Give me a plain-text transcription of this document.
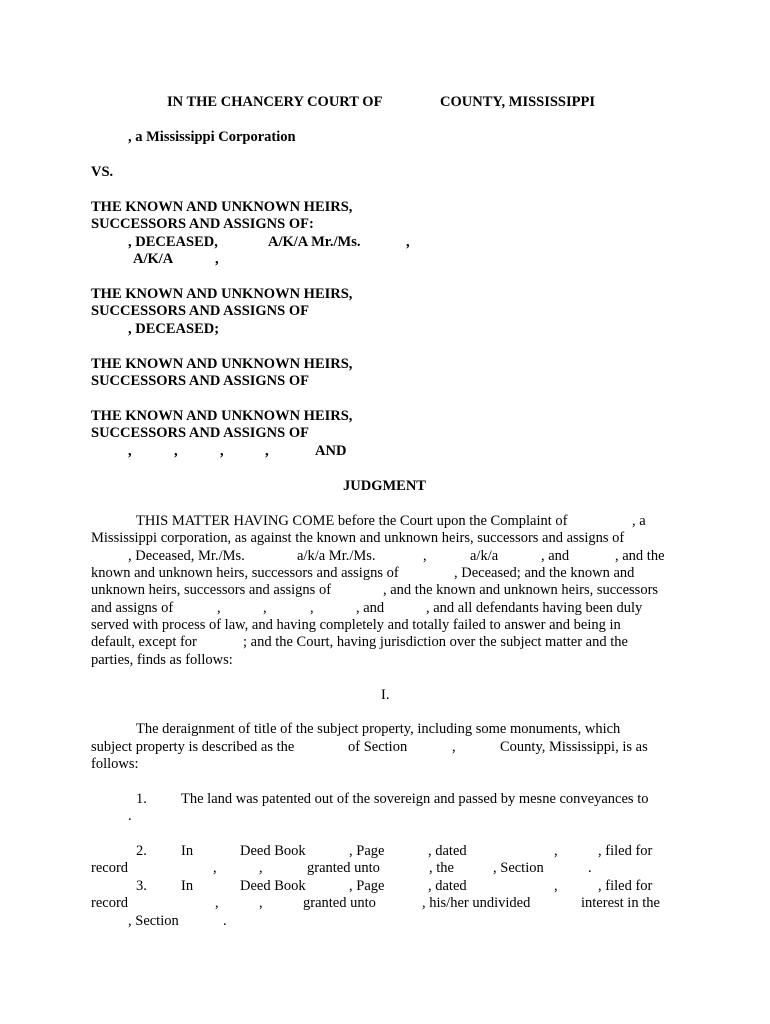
IN THE CHANCERY COURT OF	COUNTY, MISSISSIPPI
, a Mississippi Corporation
VS.
THE KNOWN AND UNKNOWN HEIRS,
SUCCESSORS AND ASSIGNS OF:
, DECEASED,	A/K/A Mr./Ms.	,
A/K/A	,
THE KNOWN AND UNKNOWN HEIRS,
SUCCESSORS AND ASSIGNS OF
, DECEASED;
THE KNOWN AND UNKNOWN HEIRS,
SUCCESSORS AND ASSIGNS OF
THE KNOWN AND UNKNOWN HEIRS,
SUCCESSORS AND ASSIGNS OF
,	,	,	,	AND
JUDGMENT
THIS MATTER HAVING COME before the Court upon the Complaint of	, a
Mississippi corporation, as against the known and unknown heirs, successors and assigns of
, Deceased, Mr./Ms.	a/k/a Mr./Ms.	,	a/k/a	, and	, and the
known and unknown heirs, successors and assigns of	, Deceased; and the known and
unknown heirs, successors and assigns of	, and the known and unknown heirs, successors
and assigns of	,	,	,	, and	, and all defendants having been duly
served with process of law, and having completely and totally failed to answer and being in
default, except for	; and the Court, having jurisdiction over the subject matter and the
parties, finds as follows:
I.
The deraignment of title of the subject property, including some monuments, which
subject property is described as the	of Section	,	County, Mississippi, is as
follows:
1. The land was patented out of the sovereign and passed by mesne conveyances to
.
2. In	Deed Book	, Page	, dated	,	, filed for
record	,	,	granted unto	, the	, Section	.
3. In	Deed Book	, Page	, dated	,	, filed for
record	,	,	granted unto	, his/her undivided	interest in the
, Section	.
